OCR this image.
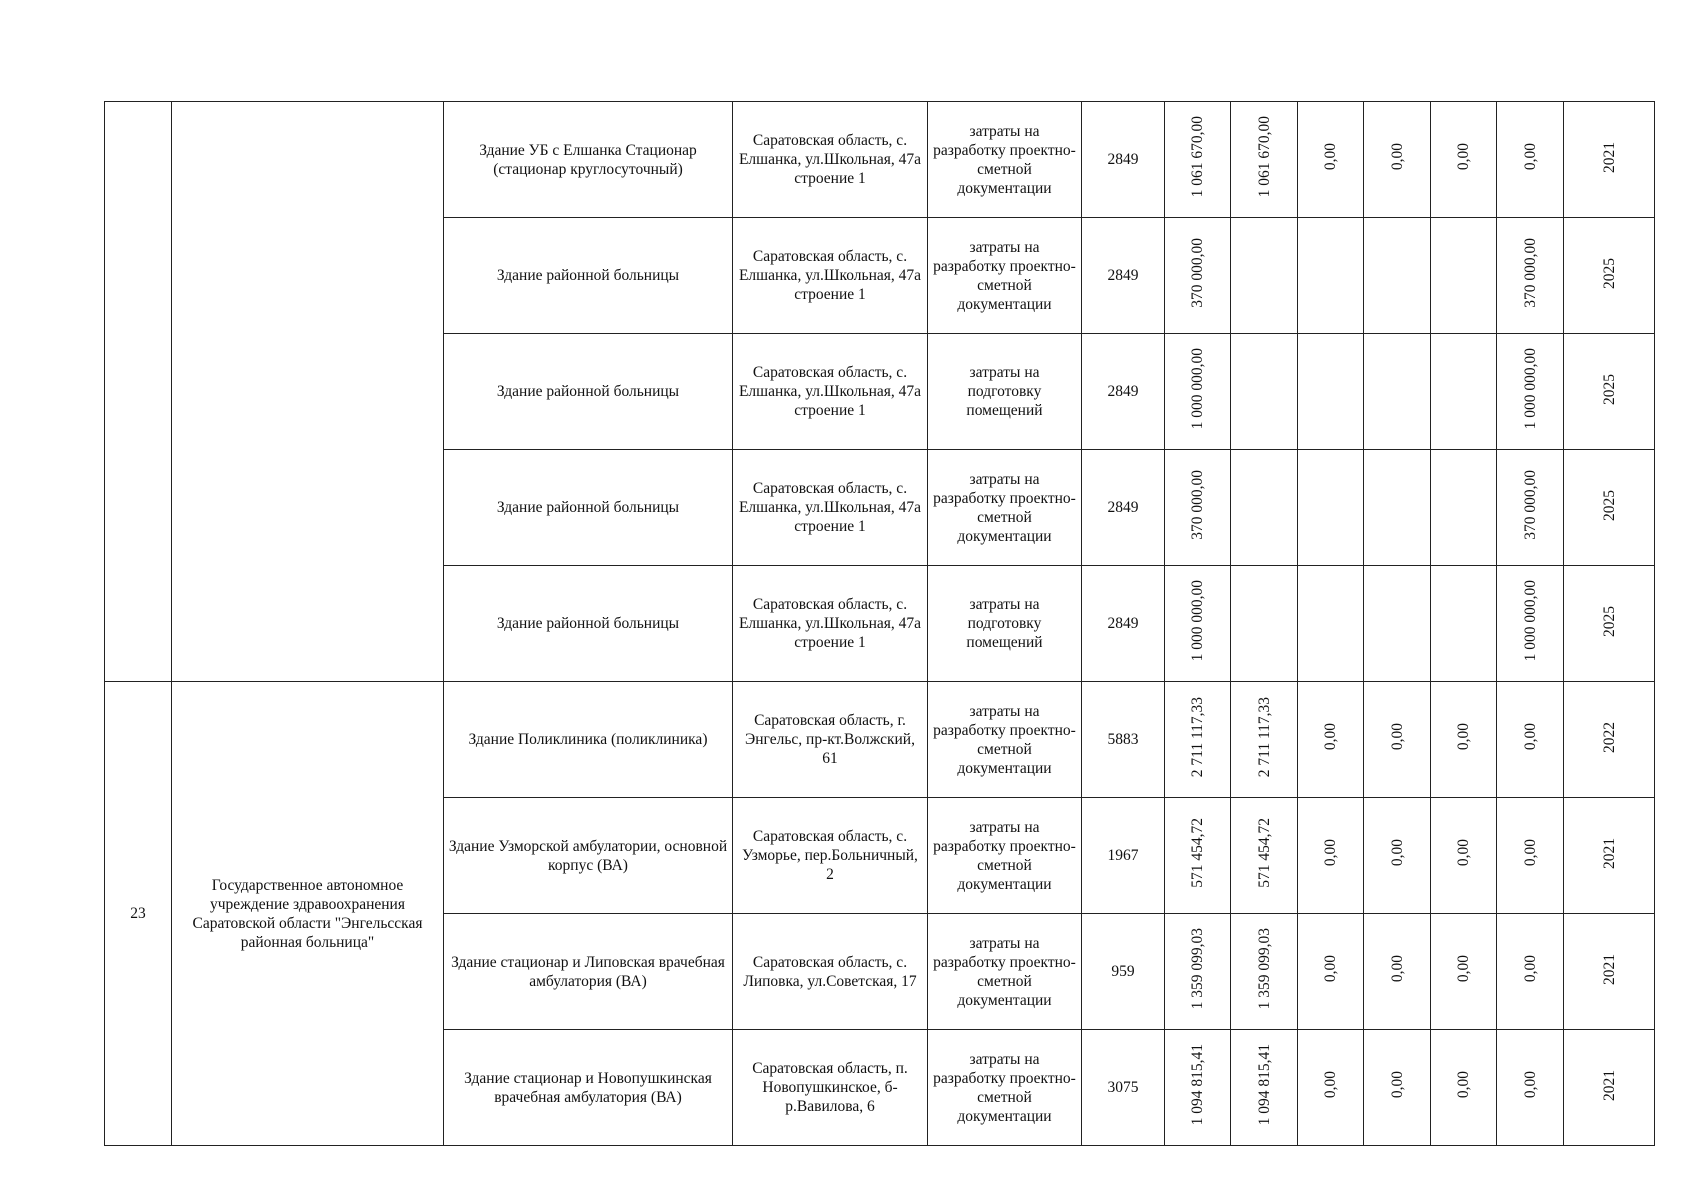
		Здание УБ с Елшанка Стационар (стационар круглосуточный)	Саратовская область, с. Елшанка, ул.Школьная, 47а строение 1	затраты на разработку проектно-сметной документации	2849	1 061 670,00	1 061 670,00	0,00	0,00	0,00	0,00	2021
		Здание районной больницы	Саратовская область, с. Елшанка, ул.Школьная, 47а строение 1	затраты на разработку проектно-сметной документации	2849	370 000,00					370 000,00	2025
		Здание районной больницы	Саратовская область, с. Елшанка, ул.Школьная, 47а строение 1	затраты на подготовку помещений	2849	1 000 000,00					1 000 000,00	2025
		Здание районной больницы	Саратовская область, с. Елшанка, ул.Школьная, 47а строение 1	затраты на разработку проектно-сметной документации	2849	370 000,00					370 000,00	2025
		Здание районной больницы	Саратовская область, с. Елшанка, ул.Школьная, 47а строение 1	затраты на подготовку помещений	2849	1 000 000,00					1 000 000,00	2025
23	Государственное автономное учреждение здравоохранения Саратовской области "Энгельсская районная больница"	Здание Поликлиника (поликлиника)	Саратовская область, г. Энгельс, пр-кт.Волжский, 61	затраты на разработку проектно-сметной документации	5883	2 711 117,33	2 711 117,33	0,00	0,00	0,00	0,00	2022
		Здание Узморской амбулатории, основной корпус (ВА)	Саратовская область, с. Узморье, пер.Больничный, 2	затраты на разработку проектно-сметной документации	1967	571 454,72	571 454,72	0,00	0,00	0,00	0,00	2021
		Здание стационар и Липовская врачебная амбулатория (ВА)	Саратовская область, с. Липовка, ул.Советская, 17	затраты на разработку проектно-сметной документации	959	1 359 099,03	1 359 099,03	0,00	0,00	0,00	0,00	2021
		Здание стационар и Новопушкинская врачебная амбулатория (ВА)	Саратовская область, п. Новопушкинское, б-р.Вавилова, 6	затраты на разработку проектно-сметной документации	3075	1 094 815,41	1 094 815,41	0,00	0,00	0,00	0,00	2021
